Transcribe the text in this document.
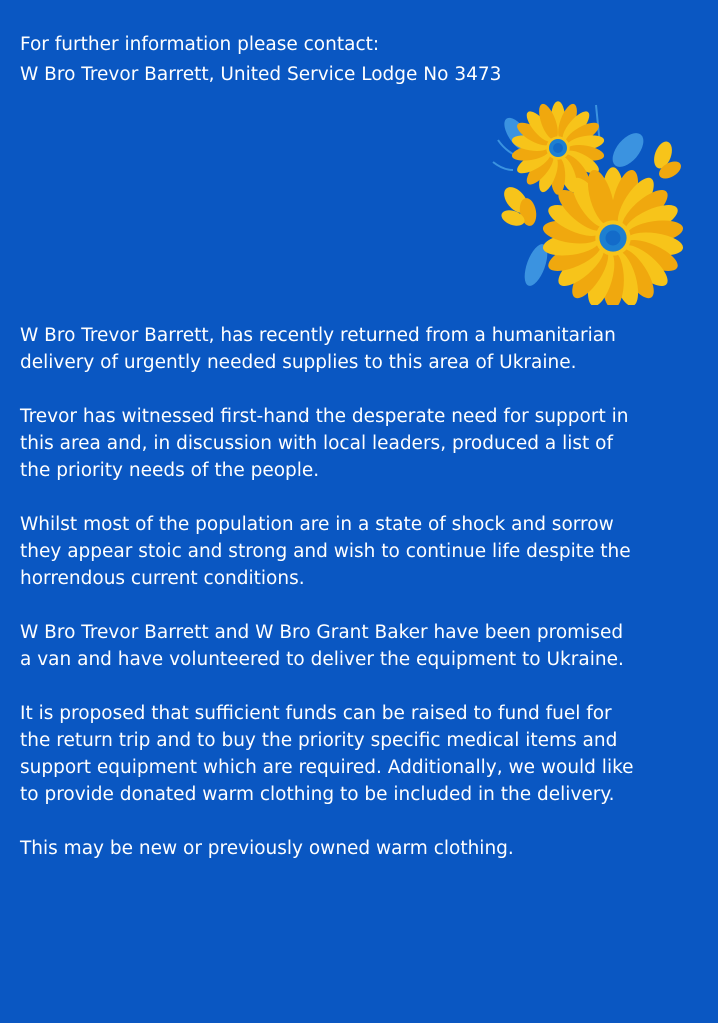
For further information please contact:
W Bro Trevor Barrett, United Service Lodge No 3473

W Bro Trevor Barrett, has recently returned from a humanitarian
delivery of urgently needed supplies to this area of Ukraine.

Trevor has witnessed first-hand the desperate need for support in
this area and, in discussion with local leaders, produced a list of
the priority needs of the people.

Whilst most of the population are in a state of shock and sorrow
they appear stoic and strong and wish to continue life despite the
horrendous current conditions.

W Bro Trevor Barrett and W Bro Grant Baker have been promised
a van and have volunteered to deliver the equipment to Ukraine.

It is proposed that sufficient funds can be raised to fund fuel for
the return trip and to buy the priority specific medical items and
support equipment which are required. Additionally, we would like
to provide donated warm clothing to be included in the delivery.

This may be new or previously owned warm clothing.
